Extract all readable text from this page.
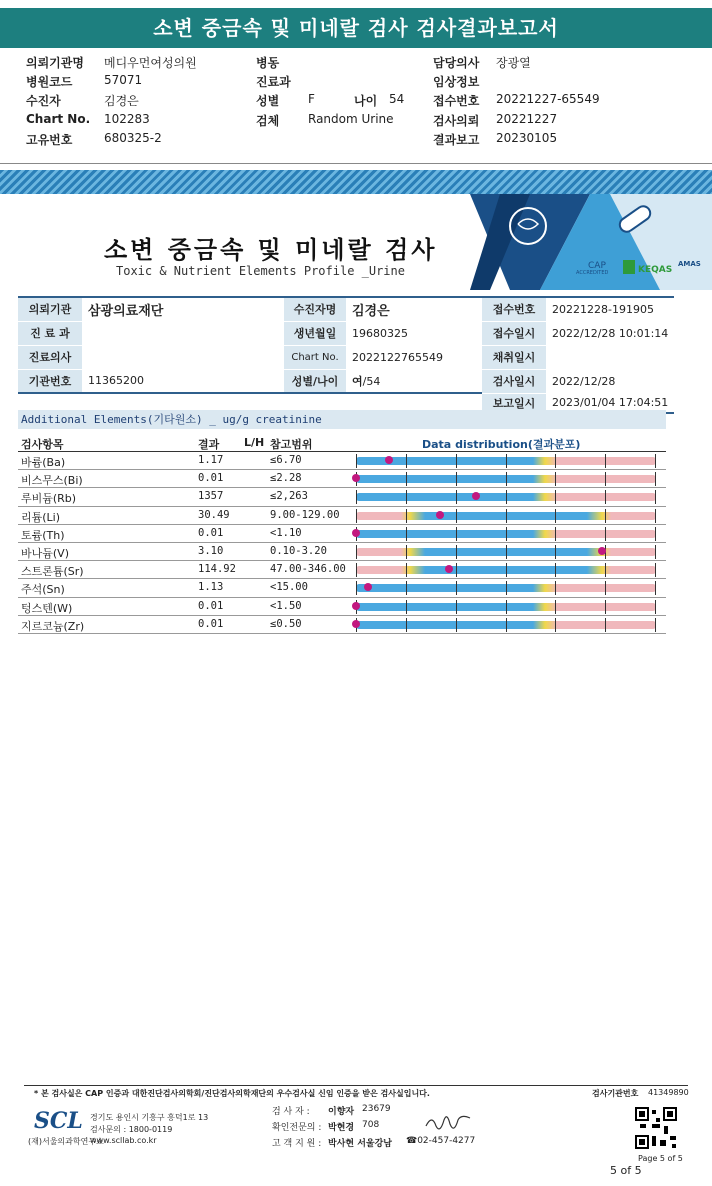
소변 중금속 및 미네랄 검사 검사결과보고서
의뢰기관명 메디우먼여성의원
병원코드	57071
수진자	김경은
Chart No. 102283
고유번호	680325-2
병동
진료과
성별 F	나이 54
검체 Random Urine
담당의사 장광열
임상정보
접수번호 20221227-65549
검사의뢰 20221227
결과보고 20230105
소변 중금속 및 미네랄 검사
Toxic & Nutrient Elements Profile _Urine	CAP
ACCREDITED	KEQAS
AMAS
의뢰기관	삼광의료재단	수진자명	김경은	접수번호	20221228-191905
진 료 과		생년월일	19680325	접수일시	2022/12/28 10:01:14
진료의사		Chart No.	2022122765549	채취일시	
기관번호	11365200	성별/나이	여/54	검사일시	2022/12/28
				보고일시	2023/01/04 17:04:51
Additional Elements(기타원소) _ ug/g creatinine
검사항목	결과 L/H 참고범위	Data distribution(결과분포)
바륨(Ba)	1.17	≤6.70
비스무스(Bi)	0.01	≤2.28
루비듐(Rb)	1357	≤2,263
리튬(Li)	30.49	9.00-129.00
토륨(Th)	0.01	<1.10
바나듐(V)	3.10	0.10-3.20
스트론튬(Sr)	114.92	47.00-346.00
주석(Sn)	1.13	<15.00
텅스텐(W)	0.01	<1.50
지르코늄(Zr)	0.01	≤0.50
* 본 검사실은 CAP 인증과 대한진단검사의학회/진단검사의학재단의 우수검사실 신임 인증을 받은 검사실입니다.	검사기관번호 41349890
SCL
(재)서울의과학연구소
경기도 용인시 기흥구 흥덕1로 13
검사문의 : 1800-0119
www.scllab.co.kr
검 사 자 : 이향자 23679
확인전문의 : 박현경 708
고 객 지 원 : 박사현 서울강남 ☎02-457-4277
Page 5 of 5
5 of 5
